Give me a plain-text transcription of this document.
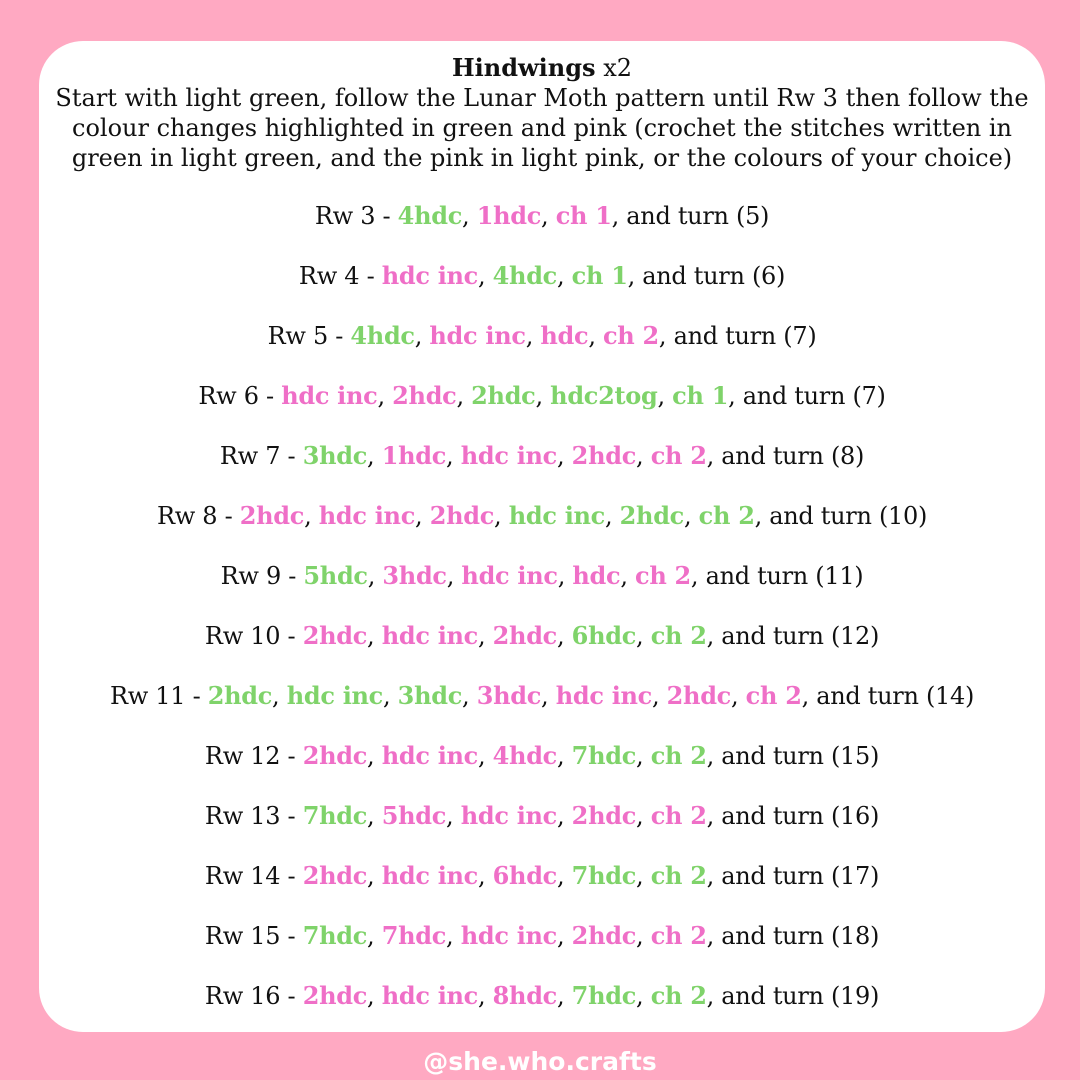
Hindwings x2

Start with light green, follow the Lunar Moth pattern until Rw 3 then follow the colour changes highlighted in green and pink (crochet the stitches written in green in light green, and the pink in light pink, or the colours of your choice)

Rw 3 - 4hdc, 1hdc, ch 1, and turn (5)
Rw 4 - hdc inc, 4hdc, ch 1, and turn (6)
Rw 5 - 4hdc, hdc inc, hdc, ch 2, and turn (7)
Rw 6 - hdc inc, 2hdc, 2hdc, hdc2tog, ch 1, and turn (7)
Rw 7 - 3hdc, 1hdc, hdc inc, 2hdc, ch 2, and turn (8)
Rw 8 - 2hdc, hdc inc, 2hdc, hdc inc, 2hdc, ch 2, and turn (10)
Rw 9 - 5hdc, 3hdc, hdc inc, hdc, ch 2, and turn (11)
Rw 10 - 2hdc, hdc inc, 2hdc, 6hdc, ch 2, and turn (12)
Rw 11 - 2hdc, hdc inc, 3hdc, 3hdc, hdc inc, 2hdc, ch 2, and turn (14)
Rw 12 - 2hdc, hdc inc, 4hdc, 7hdc, ch 2, and turn (15)
Rw 13 - 7hdc, 5hdc, hdc inc, 2hdc, ch 2, and turn (16)
Rw 14 - 2hdc, hdc inc, 6hdc, 7hdc, ch 2, and turn (17)
Rw 15 - 7hdc, 7hdc, hdc inc, 2hdc, ch 2, and turn (18)
Rw 16 - 2hdc, hdc inc, 8hdc, 7hdc, ch 2, and turn (19)
@she.who.crafts
